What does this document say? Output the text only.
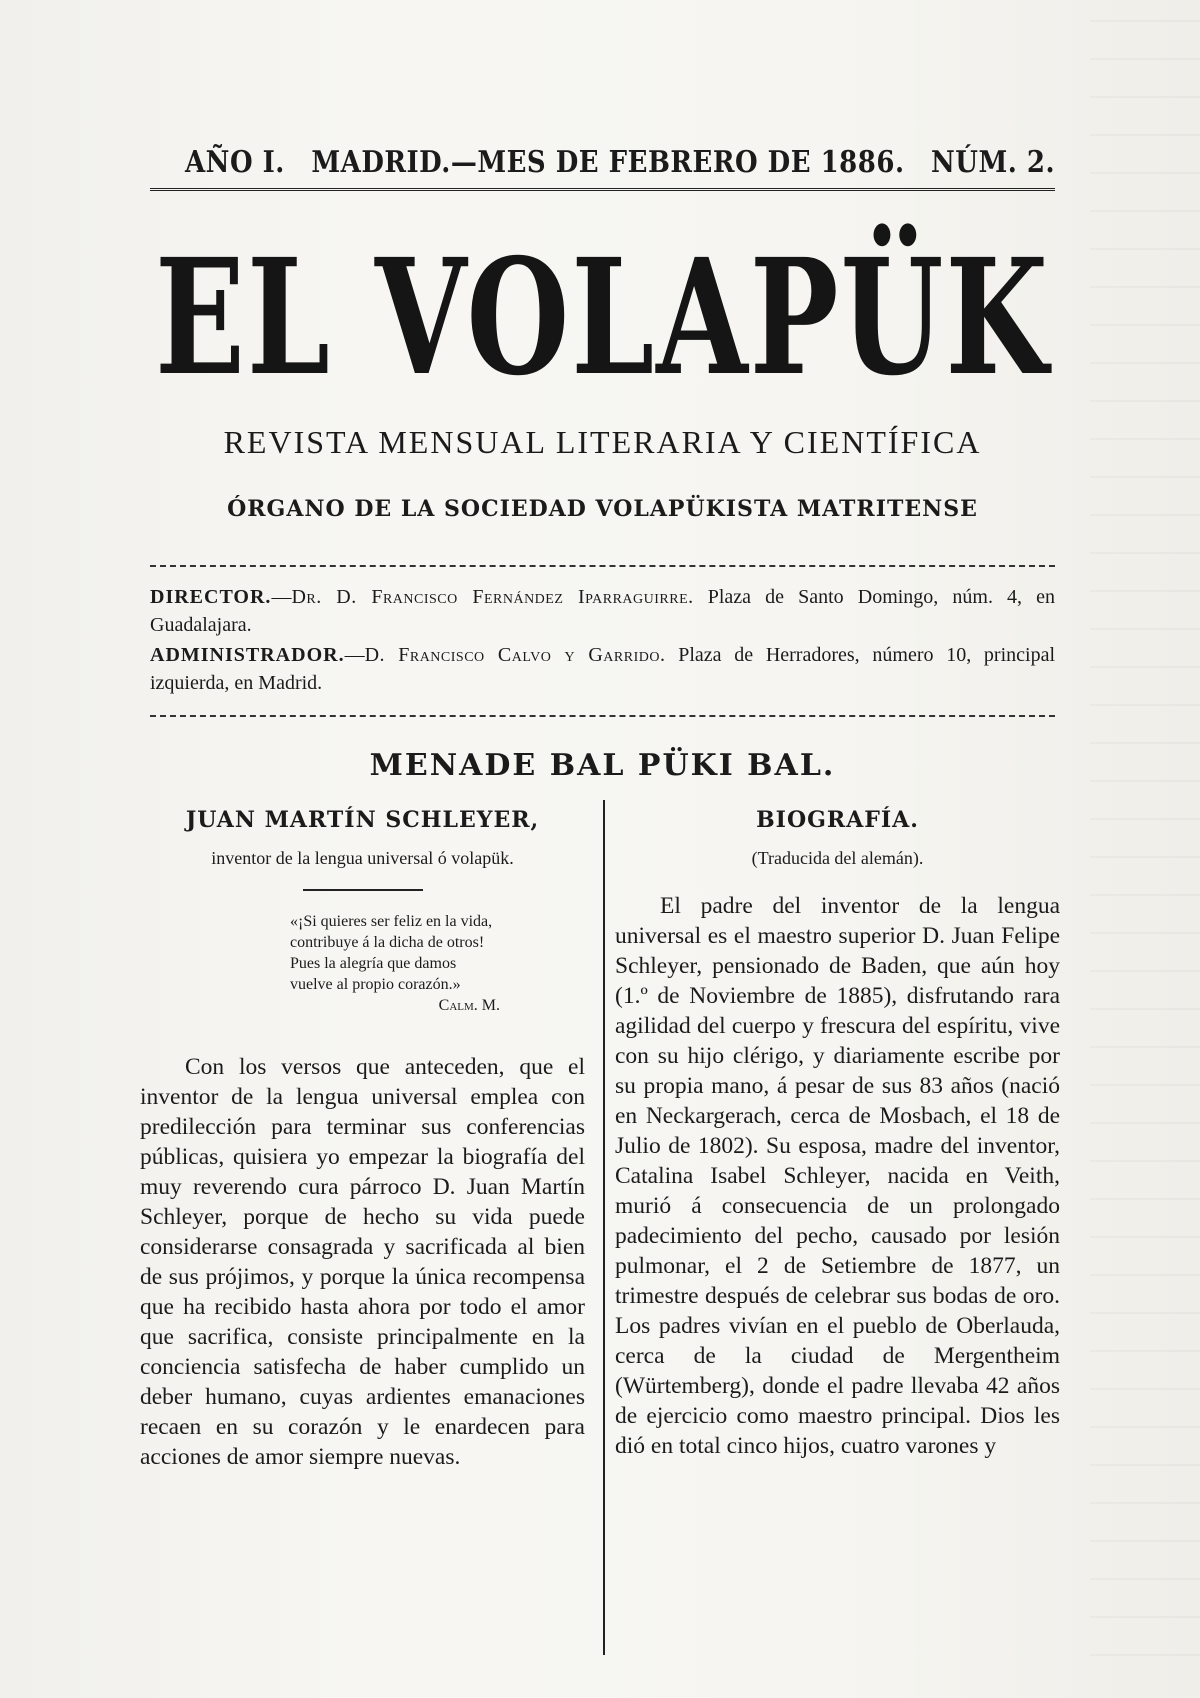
AÑO I. MADRID.—MES DE FEBRERO DE 1886. NÚM. 2.
EL VOLAPÜK
REVISTA MENSUAL LITERARIA Y CIENTÍFICA
ÓRGANO DE LA SOCIEDAD VOLAPÜKISTA MATRITENSE

DIRECTOR.—Dr. D. Francisco Fernández Iparraguirre. Plaza de Santo Domingo, núm. 4, en Guadalajara.

ADMINISTRADOR.—D. Francisco Calvo y Garrido. Plaza de Herradores, número 10, principal izquierda, en Madrid.

MENADE BAL PÜKI BAL.

JUAN MARTÍN SCHLEYER,

inventor de la lengua universal ó volapük.

«¡Si quieres ser feliz en la vida,
contribuye á la dicha de otros!
Pues la alegría que damos
vuelve al propio corazón.»
Calm. M.

Con los versos que anteceden, que el inventor de la lengua universal emplea con predilección para terminar sus conferencias públicas, quisiera yo empezar la biografía del muy reverendo cura párroco D. Juan Martín Schleyer, porque de hecho su vida puede considerarse consagrada y sacrificada al bien de sus prójimos, y porque la única recompensa que ha recibido hasta ahora por todo el amor que sacrifica, consiste principalmente en la conciencia satisfecha de haber cumplido un deber humano, cuyas ardientes emanaciones recaen en su corazón y le enardecen para acciones de amor siempre nuevas.

BIOGRAFÍA.

(Traducida del alemán).

El padre del inventor de la lengua universal es el maestro superior D. Juan Felipe Schleyer, pensionado de Baden, que aún hoy (1.º de Noviembre de 1885), disfrutando rara agilidad del cuerpo y frescura del espíritu, vive con su hijo clérigo, y diariamente escribe por su propia mano, á pesar de sus 83 años (nació en Neckargerach, cerca de Mosbach, el 18 de Julio de 1802). Su esposa, madre del inventor, Catalina Isabel Schleyer, nacida en Veith, murió á consecuencia de un prolongado padecimiento del pecho, causado por lesión pulmonar, el 2 de Setiembre de 1877, un trimestre después de celebrar sus bodas de oro. Los padres vivían en el pueblo de Oberlauda, cerca de la ciudad de Mergentheim (Würtemberg), donde el padre llevaba 42 años de ejercicio como maestro principal. Dios les dió en total cinco hijos, cuatro varones y
